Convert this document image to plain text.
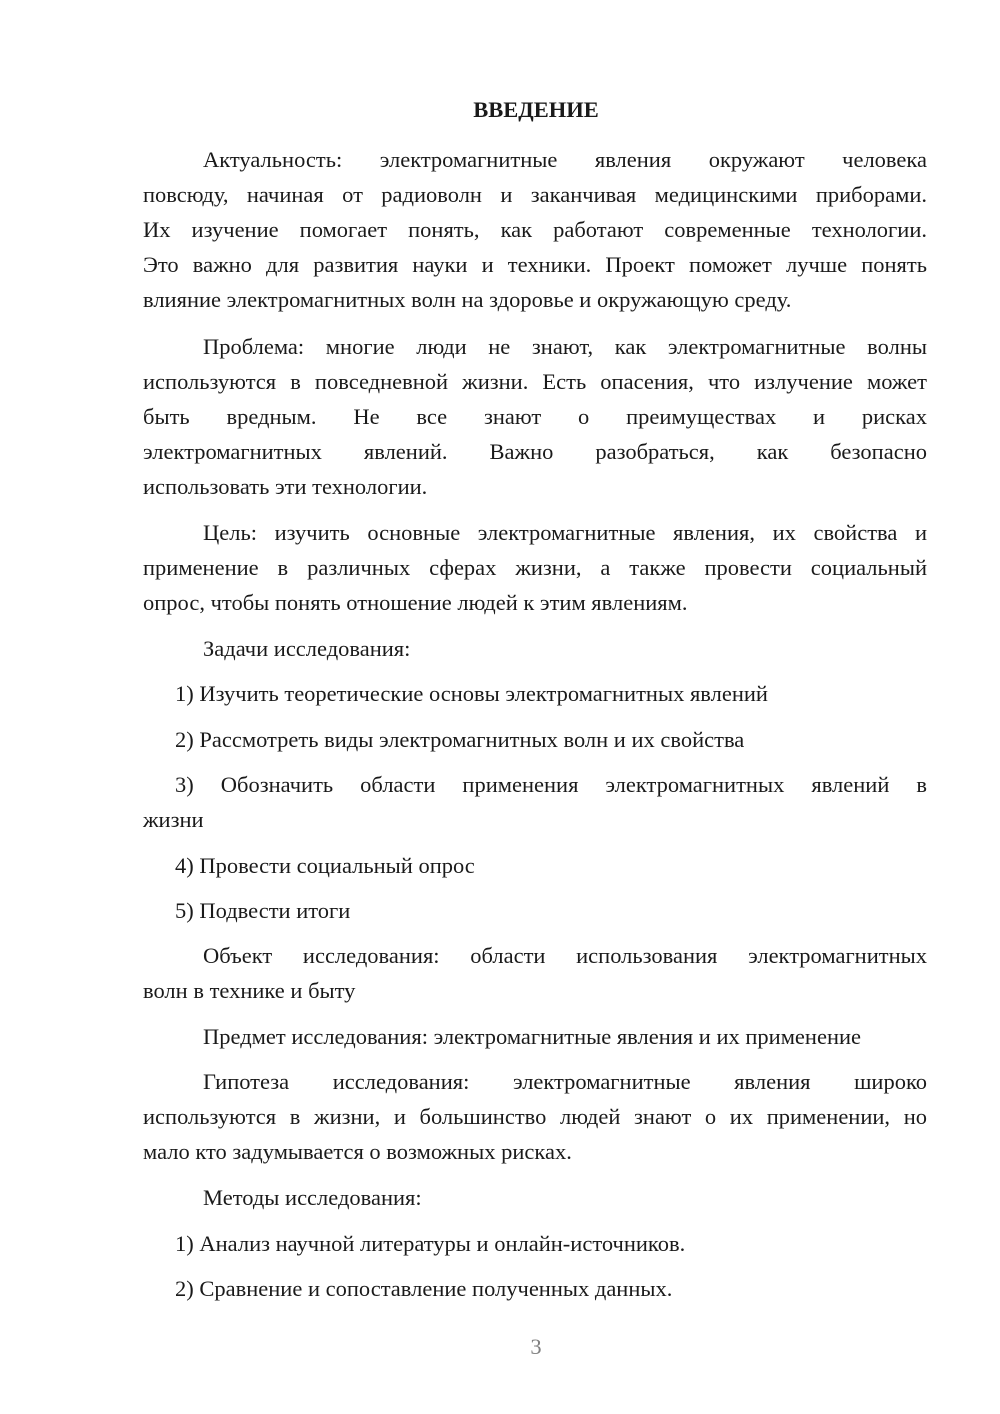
ВВЕДЕНИЕ
Актуальность: электромагнитные явления окружают человека
повсюду, начиная от радиоволн и заканчивая медицинскими приборами.
Их изучение помогает понять, как работают современные технологии.
Это важно для развития науки и техники. Проект поможет лучше понять
влияние электромагнитных волн на здоровье и окружающую среду.
Проблема: многие люди не знают, как электромагнитные волны
используются в повседневной жизни. Есть опасения, что излучение может
быть вредным. Не все знают о преимуществах и рисках
электромагнитных явлений. Важно разобраться, как безопасно
использовать эти технологии.
Цель: изучить основные электромагнитные явления, их свойства и
применение в различных сферах жизни, а также провести социальный
опрос, чтобы понять отношение людей к этим явлениям.
Задачи исследования:
1) Изучить теоретические основы электромагнитных явлений
2) Рассмотреть виды электромагнитных волн и их свойства
3) Обозначить области применения электромагнитных явлений в
жизни
4) Провести социальный опрос
5) Подвести итоги
Объект исследования: области использования электромагнитных
волн в технике и быту
Предмет исследования: электромагнитные явления и их применение
Гипотеза исследования: электромагнитные явления широко
используются в жизни, и большинство людей знают о их применении, но
мало кто задумывается о возможных рисках.
Методы исследования:
1) Анализ научной литературы и онлайн-источников.
2) Сравнение и сопоставление полученных данных.
3
